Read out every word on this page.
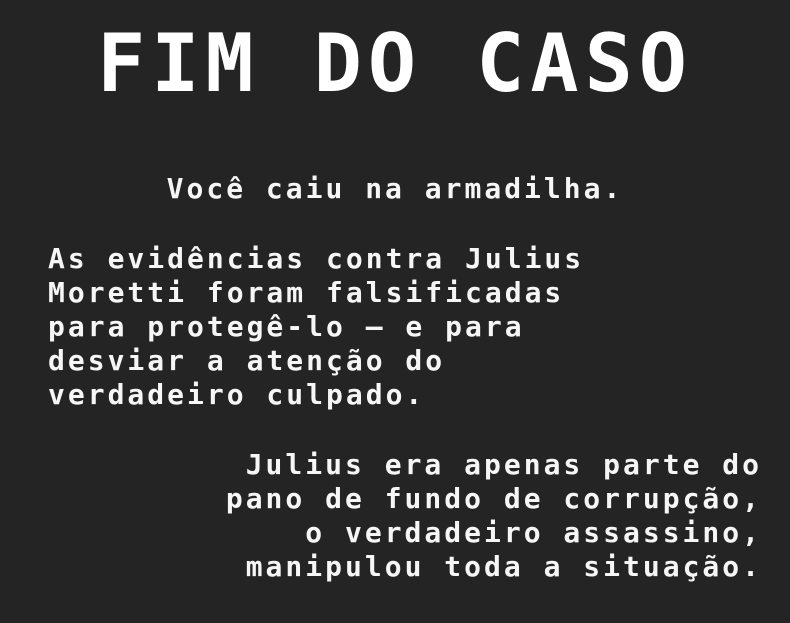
FIM DO CASO
Você caiu na armadilha.
As evidências contra Julius
Moretti foram falsificadas
para protegê-lo — e para
desviar a atenção do
verdadeiro culpado.
Julius era apenas parte do
pano de fundo de corrupção,
o verdadeiro assassino,
manipulou toda a situação.
